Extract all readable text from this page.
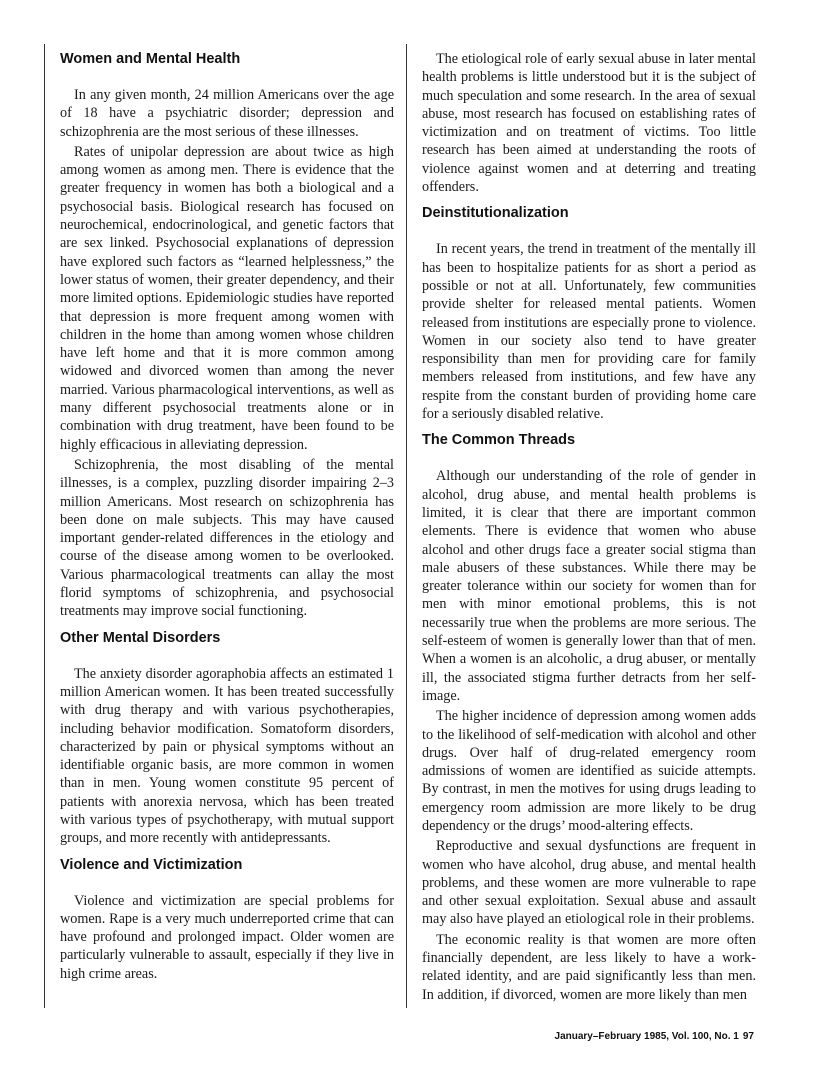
Women and Mental Health

In any given month, 24 million Americans over the age of 18 have a psychiatric disorder; depression and schizophrenia are the most serious of these illnesses.

Rates of unipolar depression are about twice as high among women as among men. There is evidence that the greater frequency in women has both a biological and a psychosocial basis. Biological research has focused on neurochemical, endocrinological, and genetic factors that are sex linked. Psychosocial explanations of depression have explored such factors as “learned helplessness,” the lower status of women, their greater dependency, and their more limited options. Epidemiologic studies have reported that depression is more frequent among women with children in the home than among women whose children have left home and that it is more common among widowed and divorced women than among the never married. Various pharmacological interventions, as well as many different psychosocial treatments alone or in combination with drug treatment, have been found to be highly efficacious in alleviating depression.

Schizophrenia, the most disabling of the mental illnesses, is a complex, puzzling disorder impairing 2–3 million Americans. Most research on schizophrenia has been done on male subjects. This may have caused important gender-related differences in the etiology and course of the disease among women to be overlooked. Various pharmacological treatments can allay the most florid symptoms of schizophrenia, and psychosocial treatments may improve social functioning.

Other Mental Disorders

The anxiety disorder agoraphobia affects an estimated 1 million American women. It has been treated successfully with drug therapy and with various psychotherapies, including behavior modification. Somatoform disorders, characterized by pain or physical symptoms without an identifiable organic basis, are more common in women than in men. Young women constitute 95 percent of patients with anorexia nervosa, which has been treated with various types of psychotherapy, with mutual support groups, and more recently with antidepressants.

Violence and Victimization

Violence and victimization are special problems for women. Rape is a very much underreported crime that can have profound and prolonged impact. Older women are particularly vulnerable to assault, especially if they live in high crime areas.

The etiological role of early sexual abuse in later mental health problems is little understood but it is the subject of much speculation and some research. In the area of sexual abuse, most research has focused on establishing rates of victimization and on treatment of victims. Too little research has been aimed at understanding the roots of violence against women and at deterring and treating offenders.

Deinstitutionalization

In recent years, the trend in treatment of the mentally ill has been to hospitalize patients for as short a period as possible or not at all. Unfortunately, few communities provide shelter for released mental patients. Women released from institutions are especially prone to violence. Women in our society also tend to have greater responsibility than men for providing care for family members released from institutions, and few have any respite from the constant burden of providing home care for a seriously disabled relative.

The Common Threads

Although our understanding of the role of gender in alcohol, drug abuse, and mental health problems is limited, it is clear that there are important common elements. There is evidence that women who abuse alcohol and other drugs face a greater social stigma than male abusers of these substances. While there may be greater tolerance within our society for women than for men with minor emotional problems, this is not necessarily true when the problems are more serious. The self-esteem of women is generally lower than that of men. When a women is an alcoholic, a drug abuser, or mentally ill, the associated stigma further detracts from her self-image.

The higher incidence of depression among women adds to the likelihood of self-medication with alcohol and other drugs. Over half of drug-related emergency room admissions of women are identified as suicide attempts. By contrast, in men the motives for using drugs leading to emergency room admission are more likely to be drug dependency or the drugs’ mood-altering effects.

Reproductive and sexual dysfunctions are frequent in women who have alcohol, drug abuse, and mental health problems, and these women are more vulnerable to rape and other sexual exploitation. Sexual abuse and assault may also have played an etiological role in their problems.

The economic reality is that women are more often financially dependent, are less likely to have a work-related identity, and are paid significantly less than men. In addition, if divorced, women are more likely than men

January–February 1985, Vol. 100, No. 1 97
